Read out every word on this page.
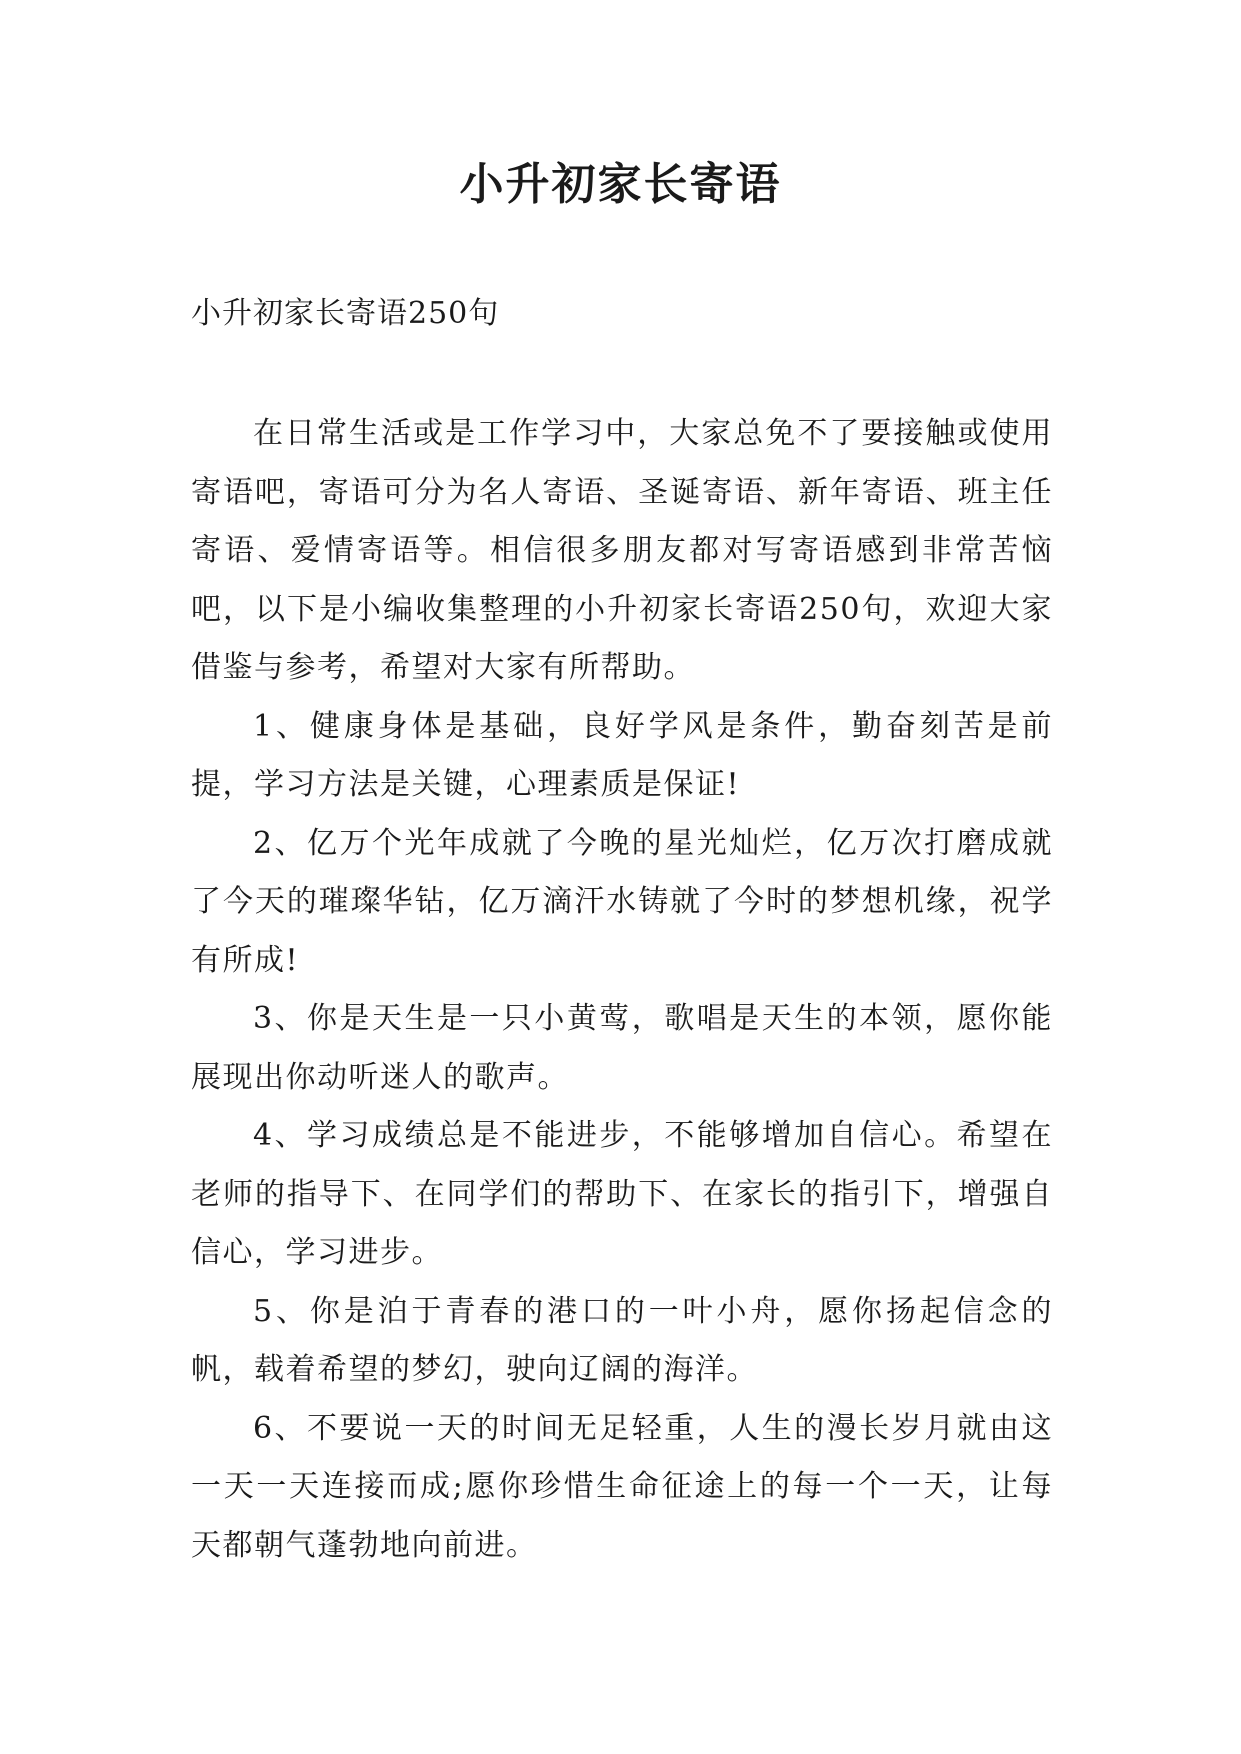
小升初家长寄语

小升初家长寄语250句

在日常生活或是工作学习中，大家总免不了要接触或使用寄语吧，寄语可分为名人寄语、圣诞寄语、新年寄语、班主任寄语、爱情寄语等。相信很多朋友都对写寄语感到非常苦恼吧，以下是小编收集整理的小升初家长寄语250句，欢迎大家借鉴与参考，希望对大家有所帮助。

1、健康身体是基础，良好学风是条件，勤奋刻苦是前提，学习方法是关键，心理素质是保证!

2、亿万个光年成就了今晚的星光灿烂，亿万次打磨成就了今天的璀璨华钻，亿万滴汗水铸就了今时的梦想机缘，祝学有所成!

3、你是天生是一只小黄莺，歌唱是天生的本领，愿你能展现出你动听迷人的歌声。

4、学习成绩总是不能进步，不能够增加自信心。希望在老师的指导下、在同学们的帮助下、在家长的指引下，增强自信心，学习进步。

5、你是泊于青春的港口的一叶小舟，愿你扬起信念的帆，载着希望的梦幻，驶向辽阔的海洋。

6、不要说一天的时间无足轻重，人生的漫长岁月就由这一天一天连接而成;愿你珍惜生命征途上的每一个一天，让每天都朝气蓬勃地向前进。
